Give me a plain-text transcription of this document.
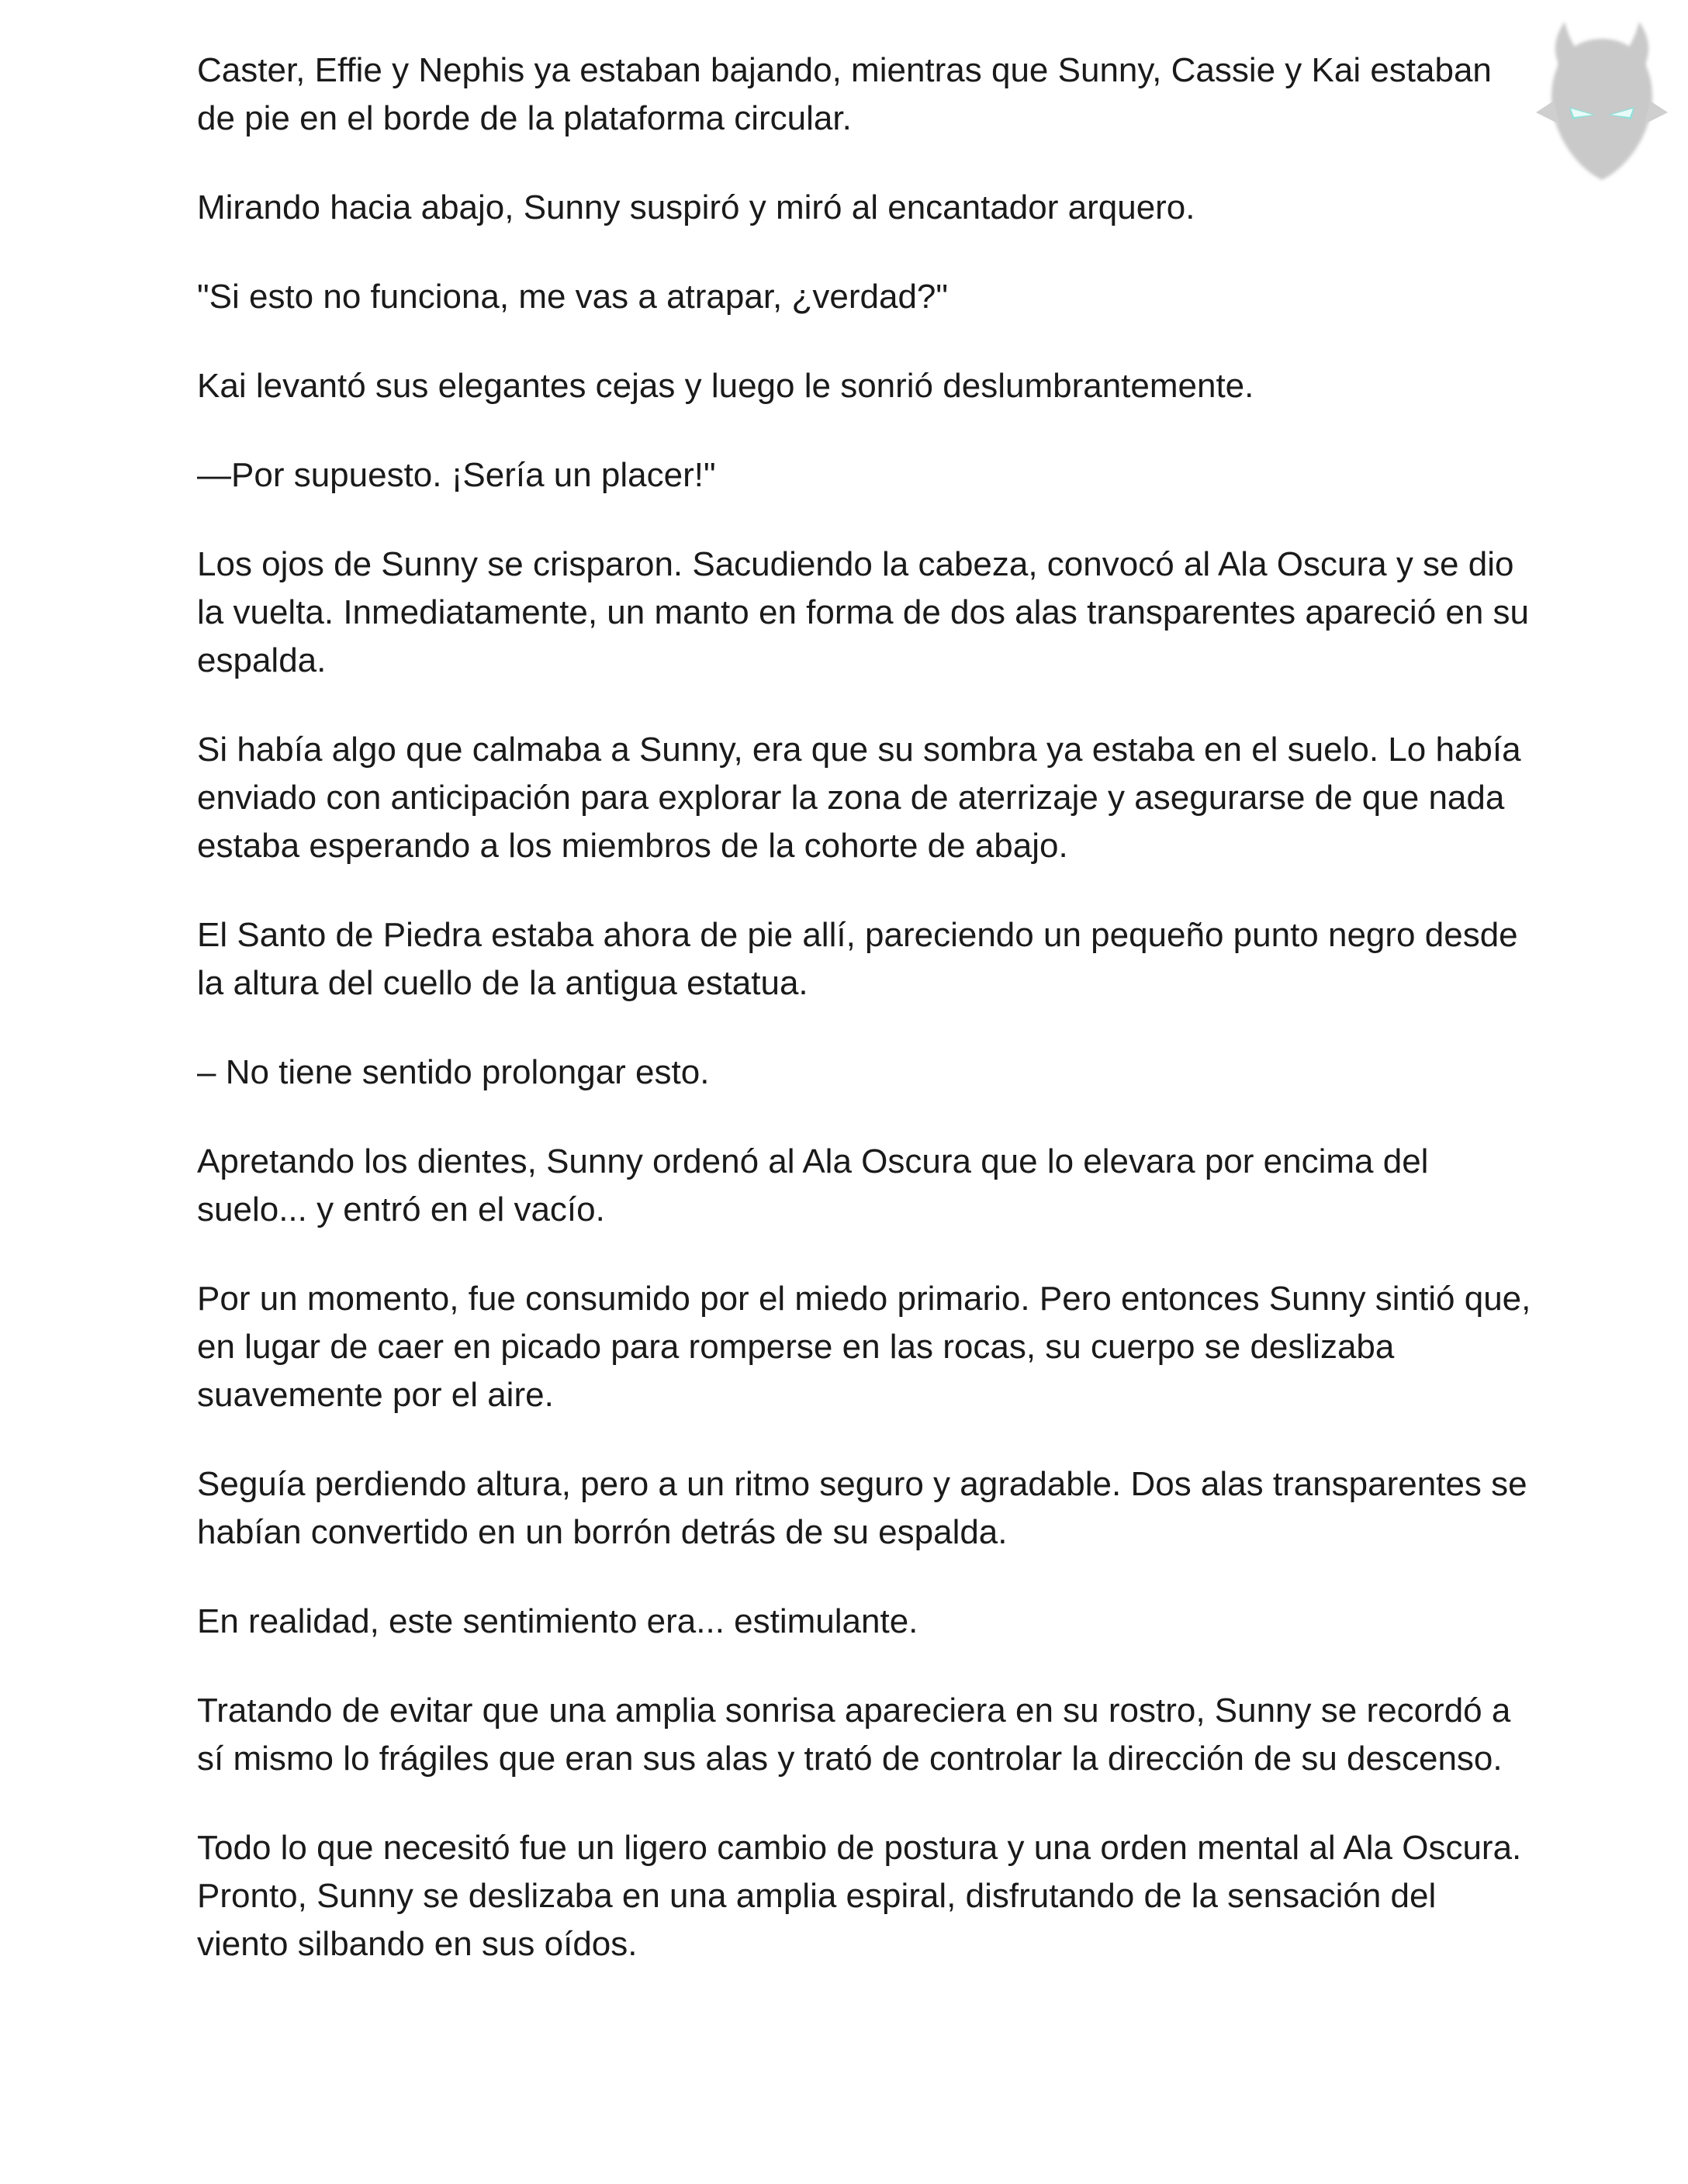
Caster, Effie y Nephis ya estaban bajando, mientras que Sunny, Cassie y Kai estaban de pie en el borde de la plataforma circular.

Mirando hacia abajo, Sunny suspiró y miró al encantador arquero.

"Si esto no funciona, me vas a atrapar, ¿verdad?"

Kai levantó sus elegantes cejas y luego le sonrió deslumbrantemente.

—Por supuesto. ¡Sería un placer!"

Los ojos de Sunny se crisparon. Sacudiendo la cabeza, convocó al Ala Oscura y se dio la vuelta. Inmediatamente, un manto en forma de dos alas transparentes apareció en su espalda.

Si había algo que calmaba a Sunny, era que su sombra ya estaba en el suelo. Lo había enviado con anticipación para explorar la zona de aterrizaje y asegurarse de que nada estaba esperando a los miembros de la cohorte de abajo.

El Santo de Piedra estaba ahora de pie allí, pareciendo un pequeño punto negro desde la altura del cuello de la antigua estatua.

– No tiene sentido prolongar esto.

Apretando los dientes, Sunny ordenó al Ala Oscura que lo elevara por encima del suelo... y entró en el vacío.

Por un momento, fue consumido por el miedo primario. Pero entonces Sunny sintió que, en lugar de caer en picado para romperse en las rocas, su cuerpo se deslizaba suavemente por el aire.

Seguía perdiendo altura, pero a un ritmo seguro y agradable. Dos alas transparentes se habían convertido en un borrón detrás de su espalda.

En realidad, este sentimiento era... estimulante.

Tratando de evitar que una amplia sonrisa apareciera en su rostro, Sunny se recordó a sí mismo lo frágiles que eran sus alas y trató de controlar la dirección de su descenso.

Todo lo que necesitó fue un ligero cambio de postura y una orden mental al Ala Oscura. Pronto, Sunny se deslizaba en una amplia espiral, disfrutando de la sensación del viento silbando en sus oídos.
